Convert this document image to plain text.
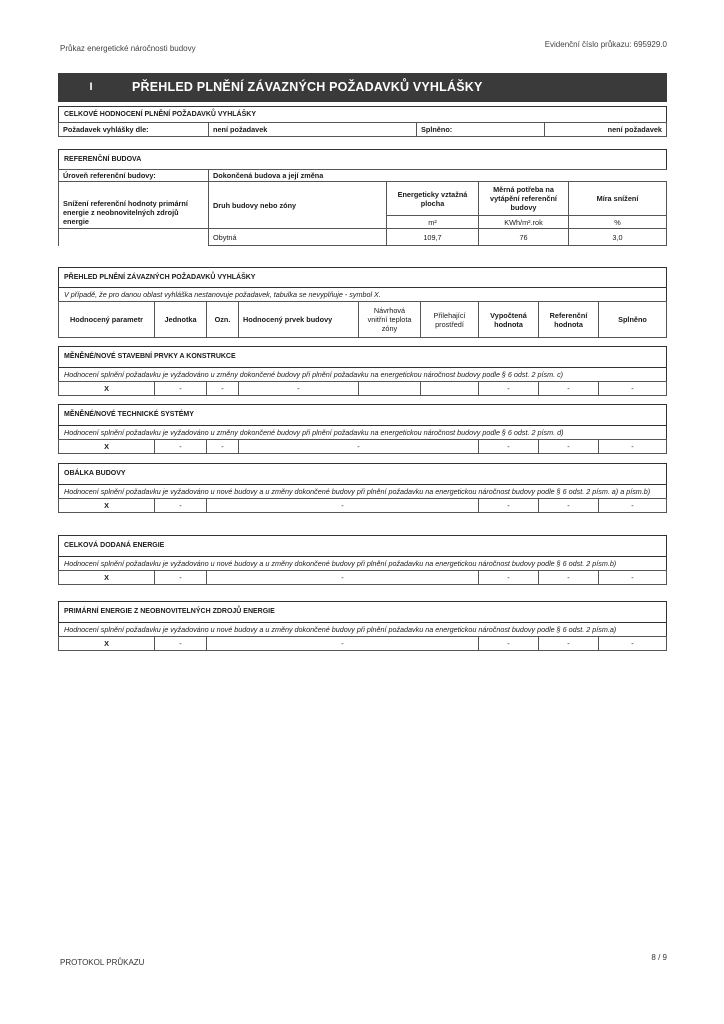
Průkaz energetické náročnosti budovy	Evidenční číslo průkazu: 695929.0
I	PŘEHLED PLNĚNÍ ZÁVAZNÝCH POŽADAVKŮ VYHLÁŠKY
CELKOVÉ HODNOCENÍ PLNĚNÍ POŽADAVKŮ VYHLÁŠKY
Požadavek vyhlášky dle:	není požadavek	Splněno:	není požadavek
REFERENČNÍ BUDOVA
Úroveň referenční budovy:	Dokončená budova a její změna			
Snížení referenční hodnoty primární energie z neobnovitelných zdrojů energie	Druh budovy nebo zóny	Energeticky vztažná plocha	Měrná potřeba na vytápění referenční budovy	Míra snížení
		m²	KWh/m².rok	%
	Obytná	109,7	76	3,0
PŘEHLED PLNĚNÍ ZÁVAZNÝCH POŽADAVKŮ VYHLÁŠKY
V případě, že pro danou oblast vyhláška nestanovuje požadavek, tabulka se nevyplňuje - symbol X.
Hodnocený parametr	Jednotka	Ozn.	Hodnocený prvek budovy	Návrhová vnitřní teplota zóny	Přilehající prostředí	Vypočtená hodnota	Referenční hodnota	Splněno
MĚNĚNÉ/NOVÉ STAVEBNÍ PRVKY A KONSTRUKCE
Hodnocení splnění požadavku je vyžadováno u změny dokončené budovy při plnění požadavku na energetickou náročnost budovy podle § 6 odst. 2 písm. c)
X	-	-	-			-	-	-
MĚNĚNÉ/NOVÉ TECHNICKÉ SYSTÉMY
Hodnocení splnění požadavku je vyžadováno u změny dokončené budovy při plnění požadavku na energetickou náročnost budovy podle § 6 odst. 2 písm. d)
X	-	-	-	-	-	-
OBÁLKA BUDOVY
Hodnocení splnění požadavku je vyžadováno u nové budovy a u změny dokončené budovy při plnění požadavku na energetickou náročnost budovy podle § 6 odst. 2 písm. a) a písm.b)
X	-	-	-	-	-
CELKOVÁ DODANÁ ENERGIE
Hodnocení splnění požadavku je vyžadováno u nové budovy a u změny dokončené budovy při plnění požadavku na energetickou náročnost budovy podle § 6 odst. 2 písm.b)
X	-	-	-	-	-
PRIMÁRNÍ ENERGIE Z NEOBNOVITELNÝCH ZDROJŮ ENERGIE
Hodnocení splnění požadavku je vyžadováno u nové budovy a u změny dokončené budovy při plnění požadavku na energetickou náročnost budovy podle § 6 odst. 2 písm.a)
X	-	-	-	-	-
PROTOKOL PRŮKAZU
8 / 9
